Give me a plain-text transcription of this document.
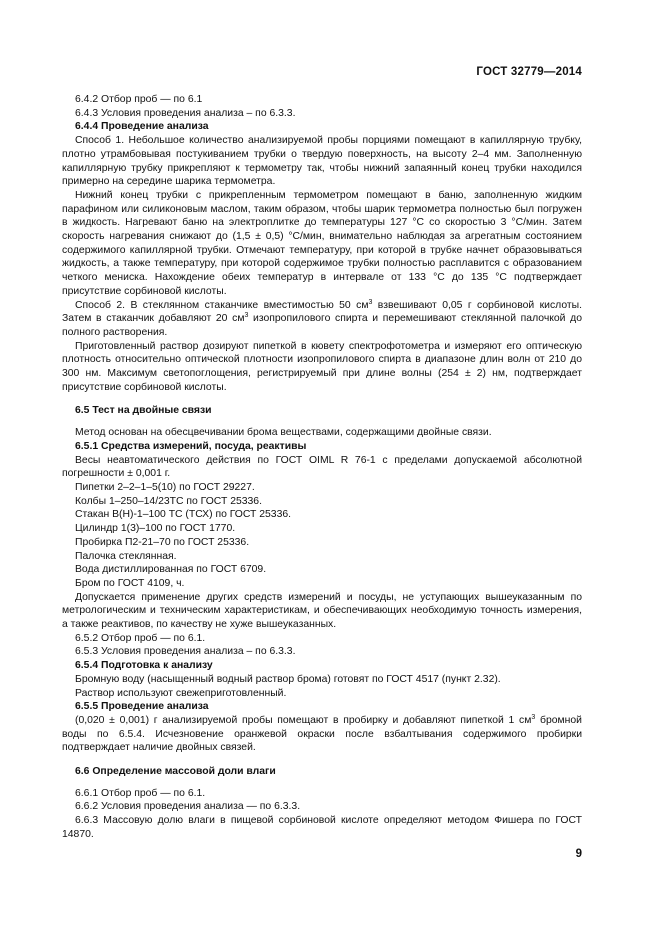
ГОСТ 32779—2014

6.4.2 Отбор проб — по 6.1

6.4.3 Условия проведения анализа – по 6.3.3.

6.4.4 Проведение анализа

Способ 1. Небольшое количество анализируемой пробы порциями помещают в капиллярную трубку, плотно утрамбовывая постукиванием трубки о твердую поверхность, на высоту 2–4 мм. Заполненную капиллярную трубку прикрепляют к термометру так, чтобы нижний запаянный конец трубки находился примерно на середине шарика термометра.

Нижний конец трубки с прикрепленным термометром помещают в баню, заполненную жидким парафином или силиконовым маслом, таким образом, чтобы шарик термометра полностью был погружен в жидкость. Нагревают баню на электроплитке до температуры 127 °С со скоростью 3 °С/мин. Затем скорость нагревания снижают до (1,5 ± 0,5) °С/мин, внимательно наблюдая за агрегатным состоянием содержимого капиллярной трубки. Отмечают температуру, при которой в трубке начнет образовываться жидкость, а также температуру, при которой содержимое трубки полностью расплавится с образованием четкого мениска. Нахождение обеих температур в интервале от 133 °С до 135 °С подтверждает присутствие сорбиновой кислоты.

Способ 2. В стеклянном стаканчике вместимостью 50 $см^3$ взвешивают 0,05 г сорбиновой кислоты. Затем в стаканчик добавляют 20 $см^3$ изопропилового спирта и перемешивают стеклянной палочкой до полного растворения.

Приготовленный раствор дозируют пипеткой в кювету спектрофотометра и измеряют его оптическую плотность относительно оптической плотности изопропилового спирта в диапазоне длин волн от 210 до 300 нм. Максимум светопоглощения, регистрируемый при длине волны (254 ± 2) нм, подтверждает присутствие сорбиновой кислоты.

6.5 Тест на двойные связи

Метод основан на обесцвечивании брома веществами, содержащими двойные связи.

6.5.1 Средства измерений, посуда, реактивы

Весы неавтоматического действия по ГОСТ OIML R 76-1 с пределами допускаемой абсолютной погрешности ± 0,001 г.

Пипетки 2–2–1–5(10) по ГОСТ 29227.

Колбы 1–250–14/23ТС по ГОСТ 25336.

Стакан В(Н)-1–100 ТС (ТСХ) по ГОСТ 25336.

Цилиндр 1(3)–100 по ГОСТ 1770.

Пробирка П2-21–70 по ГОСТ 25336.

Палочка стеклянная.

Вода дистиллированная по ГОСТ 6709.

Бром по ГОСТ 4109, ч.

Допускается применение других средств измерений и посуды, не уступающих вышеуказанным по метрологическим и техническим характеристикам, и обеспечивающих необходимую точность измерения, а также реактивов, по качеству не хуже вышеуказанных.

6.5.2 Отбор проб — по 6.1.

6.5.3 Условия проведения анализа – по 6.3.3.

6.5.4 Подготовка к анализу

Бромную воду (насыщенный водный раствор брома) готовят по ГОСТ 4517 (пункт 2.32).

Раствор используют свежеприготовленный.

6.5.5 Проведение анализа

(0,020 ± 0,001) г анализируемой пробы помещают в пробирку и добавляют пипеткой 1 $см^3$ бромной воды по 6.5.4. Исчезновение оранжевой окраски после взбалтывания содержимого пробирки подтверждает наличие двойных связей.

6.6 Определение массовой доли влаги

6.6.1 Отбор проб — по 6.1.

6.6.2 Условия проведения анализа — по 6.3.3.

6.6.3 Массовую долю влаги в пищевой сорбиновой кислоте определяют методом Фишера по ГОСТ 14870.

9
